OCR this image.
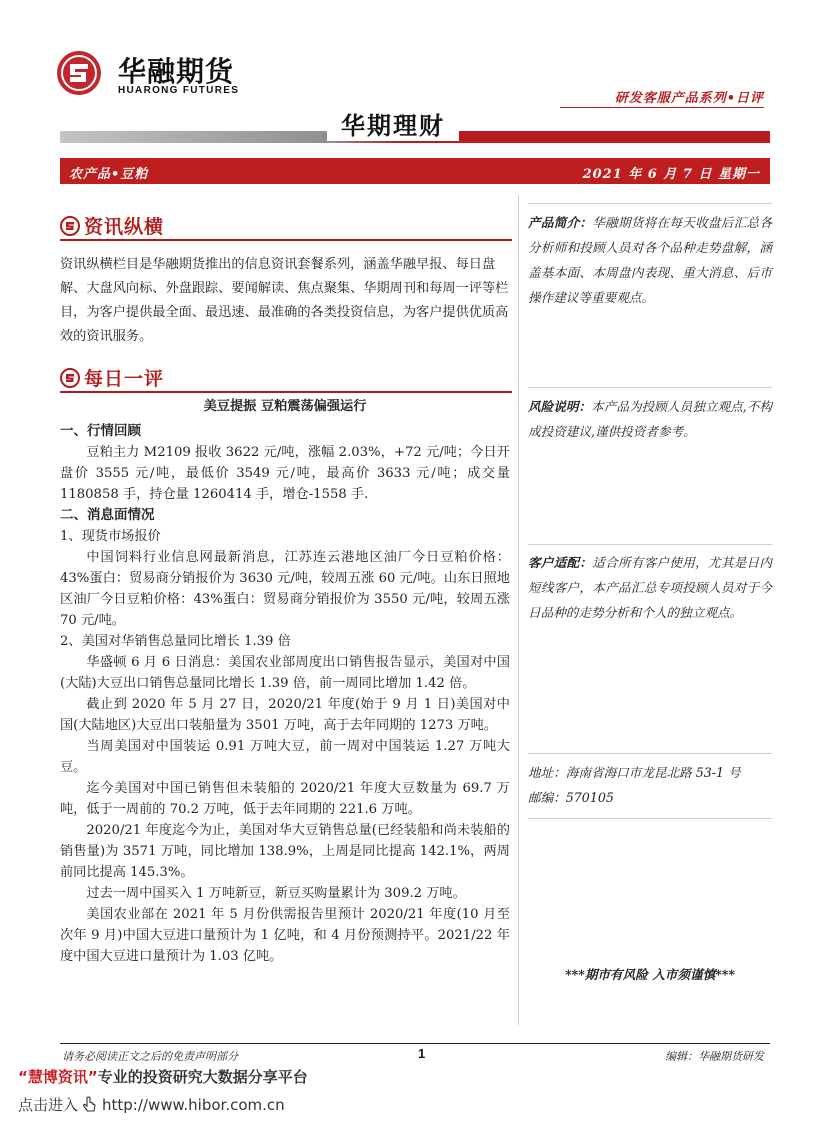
华融期货
HUARONG FUTURES
研发客服产品系列•日评
华期理财
农产品•豆粕	2021 年 6 月 7 日 星期一
资讯纵横
资讯纵横栏目是华融期货推出的信息资讯套餐系列，涵盖华融早报、每日盘解、大盘风向标、外盘跟踪、要闻解读、焦点聚集、华期周刊和每周一评等栏目，为客户提供最全面、最迅速、最准确的各类投资信息，为客户提供优质高效的资讯服务。
每日一评
美豆提振 豆粕震荡偏强运行
一、行情回顾
豆粕主力 M2109 报收 3622 元/吨，涨幅 2.03%，+72 元/吨；今日开盘价 3555 元/吨，最低价 3549 元/吨，最高价 3633 元/吨；成交量 1180858 手，持仓量 1260414 手，增仓-1558 手.
二、消息面情况
1、现货市场报价
中国饲料行业信息网最新消息，江苏连云港地区油厂今日豆粕价格：43%蛋白：贸易商分销报价为 3630 元/吨，较周五涨 60 元/吨。山东日照地区油厂今日豆粕价格：43%蛋白：贸易商分销报价为 3550 元/吨，较周五涨 70 元/吨。
2、美国对华销售总量同比增长 1.39 倍
华盛顿 6 月 6 日消息：美国农业部周度出口销售报告显示，美国对中国(大陆)大豆出口销售总量同比增长 1.39 倍，前一周同比增加 1.42 倍。
截止到 2020 年 5 月 27 日，2020/21 年度(始于 9 月 1 日)美国对中国(大陆地区)大豆出口装船量为 3501 万吨，高于去年同期的 1273 万吨。
当周美国对中国装运 0.91 万吨大豆，前一周对中国装运 1.27 万吨大豆。
迄今美国对中国已销售但未装船的 2020/21 年度大豆数量为 69.7 万吨，低于一周前的 70.2 万吨，低于去年同期的 221.6 万吨。
2020/21 年度迄今为止，美国对华大豆销售总量(已经装船和尚未装船的销售量)为 3571 万吨，同比增加 138.9%，上周是同比提高 142.1%，两周前同比提高 145.3%。
过去一周中国买入 1 万吨新豆，新豆买购量累计为 309.2 万吨。
美国农业部在 2021 年 5 月份供需报告里预计 2020/21 年度(10 月至次年 9 月)中国大豆进口量预计为 1 亿吨，和 4 月份预测持平。2021/22 年度中国大豆进口量预计为 1.03 亿吨。
产品简介：华融期货将在每天收盘后汇总各分析师和投顾人员对各个品种走势盘解，涵盖基本面、本周盘内表现、重大消息、后市操作建议等重要观点。
风险说明：本产品为投顾人员独立观点,不构成投资建议,谨供投资者参考。
客户适配：适合所有客户使用，尤其是日内短线客户，本产品汇总专项投顾人员对于今日品种的走势分析和个人的独立观点。
地址：海南省海口市龙昆北路 53-1 号
邮编：570105
***期市有风险 入市须谨慎***
请务必阅读正文之后的免责声明部分	1	编辑：华融期货研发
“慧博资讯”专业的投资研究大数据分享平台
点击进入 http://www.hibor.com.cn
